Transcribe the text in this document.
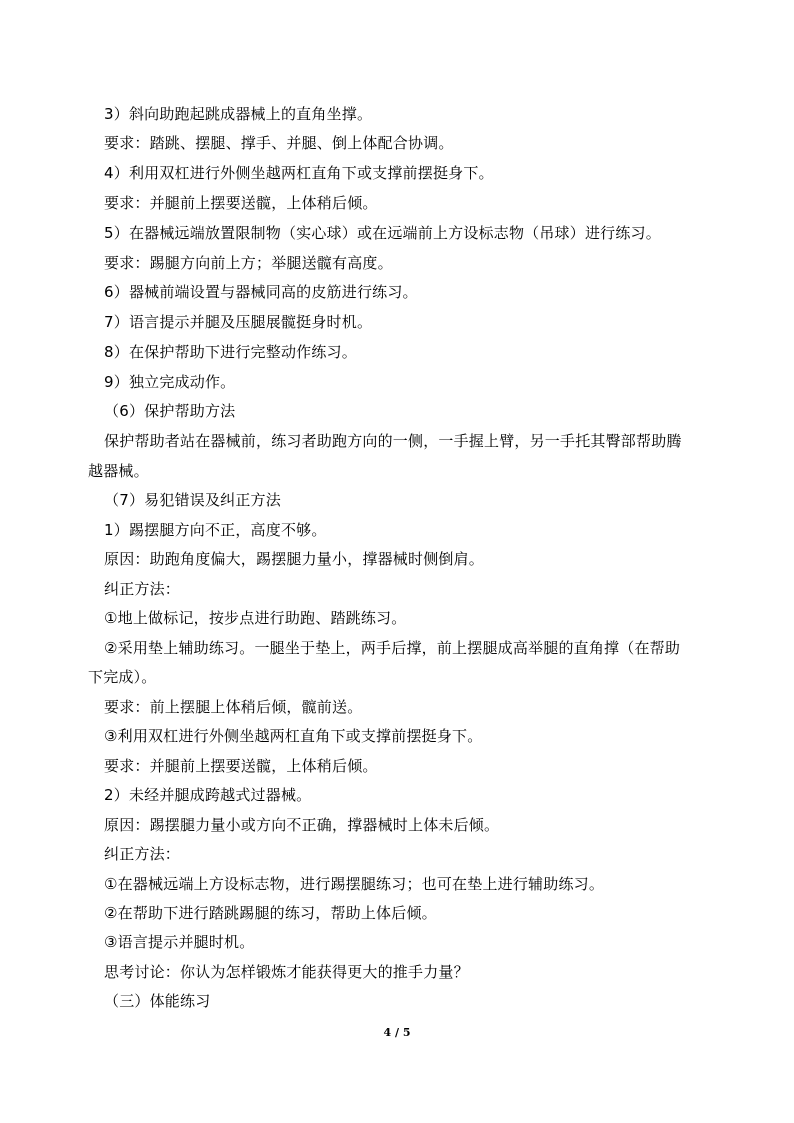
3）斜向助跑起跳成器械上的直角坐撑。
要求：踏跳、摆腿、撑手、并腿、倒上体配合协调。
4）利用双杠进行外侧坐越两杠直角下或支撑前摆挺身下。
要求：并腿前上摆要送髋，上体稍后倾。
5）在器械远端放置限制物（实心球）或在远端前上方设标志物（吊球）进行练习。
要求：踢腿方向前上方；举腿送髋有高度。
6）器械前端设置与器械同高的皮筋进行练习。
7）语言提示并腿及压腿展髋挺身时机。
8）在保护帮助下进行完整动作练习。
9）独立完成动作。
（6）保护帮助方法
保护帮助者站在器械前，练习者助跑方向的一侧，一手握上臂，另一手托其臀部帮助腾
越器械。
（7）易犯错误及纠正方法
1）踢摆腿方向不正，高度不够。
原因：助跑角度偏大，踢摆腿力量小，撑器械时侧倒肩。
纠正方法：
①地上做标记，按步点进行助跑、踏跳练习。
②采用垫上辅助练习。一腿坐于垫上，两手后撑，前上摆腿成高举腿的直角撑（在帮助
下完成）。
要求：前上摆腿上体稍后倾，髋前送。
③利用双杠进行外侧坐越两杠直角下或支撑前摆挺身下。
要求：并腿前上摆要送髋，上体稍后倾。
2）未经并腿成跨越式过器械。
原因：踢摆腿力量小或方向不正确，撑器械时上体未后倾。
纠正方法：
①在器械远端上方设标志物，进行踢摆腿练习；也可在垫上进行辅助练习。
②在帮助下进行踏跳踢腿的练习，帮助上体后倾。
③语言提示并腿时机。
思考讨论：你认为怎样锻炼才能获得更大的推手力量？
（三）体能练习
4 / 5
